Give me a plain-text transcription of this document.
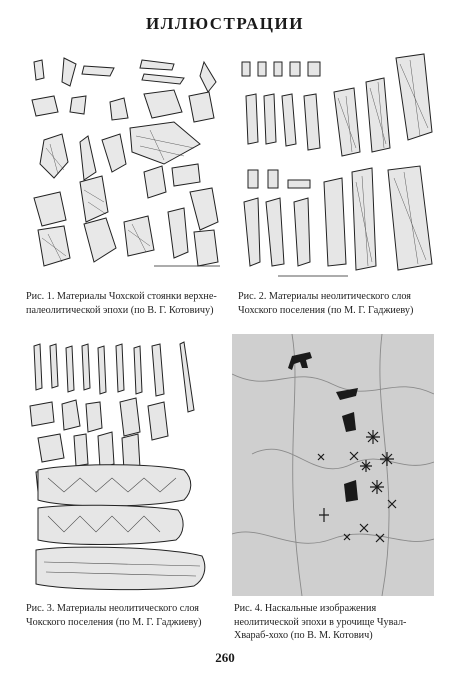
ИЛЛЮСТРАЦИИ
Рис. 1. Материалы Чохской стоянки верхне-палеолитической эпохи (по В. Г. Котовичу)
Рис. 2. Материалы неолитического слоя Чохского поселения (по М. Г. Гаджиеву)
Рис. 3. Материалы неолитического слоя Чокского поселения (по М. Г. Гаджиеву)
Рис. 4. Наскальные изображения неолитической эпохи в урочище Чувал-Хвараб-хохо (по В. М. Котович)
260
